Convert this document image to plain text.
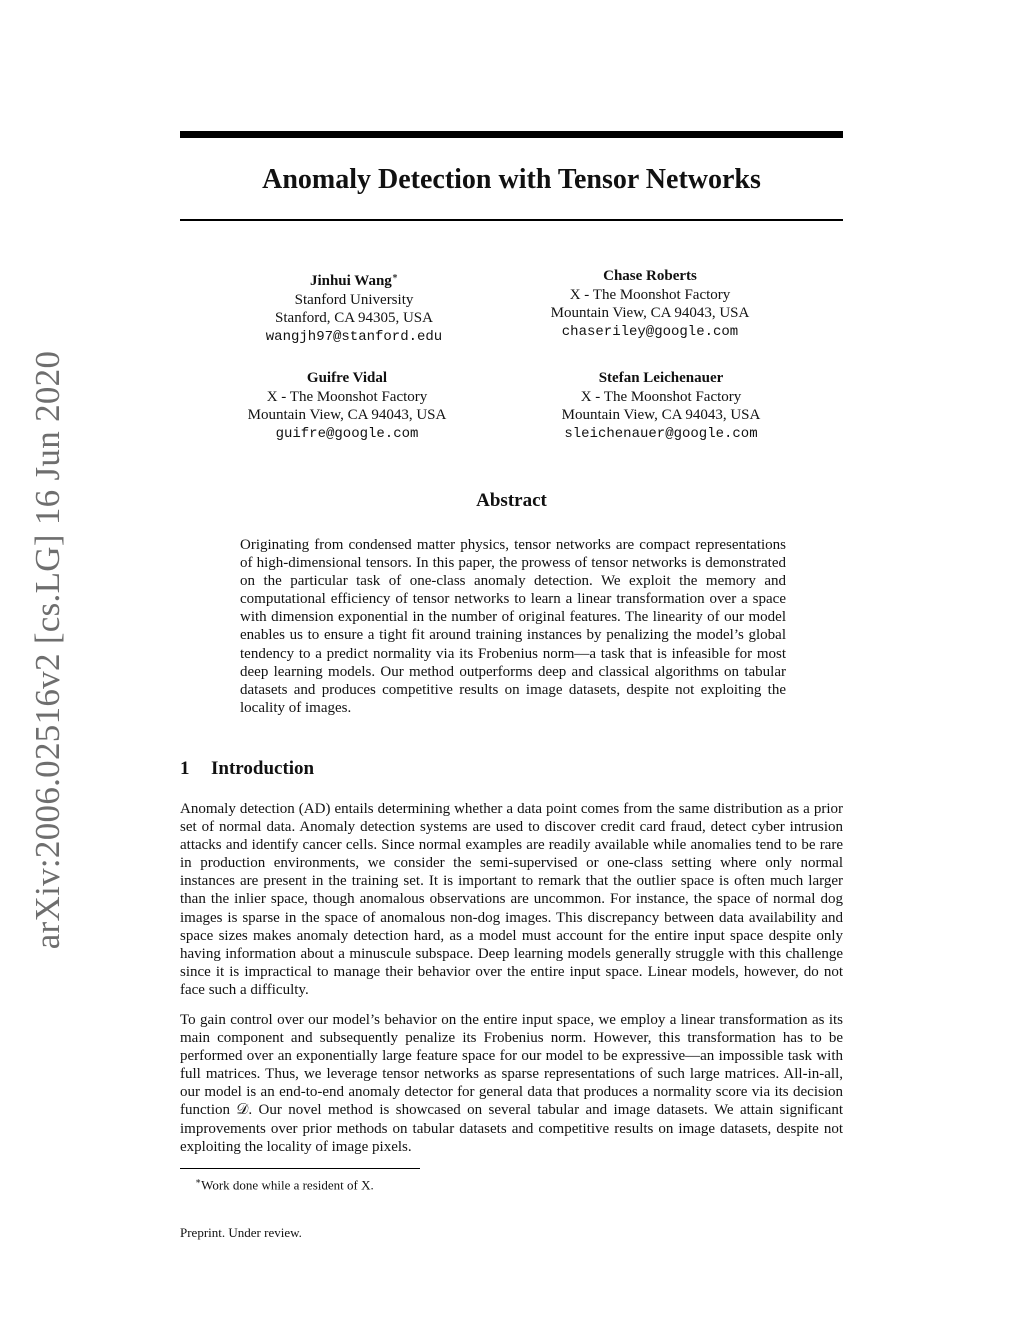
arXiv:2006.02516v2 [cs.LG] 16 Jun 2020
Anomaly Detection with Tensor Networks
Jinhui Wang∗
Stanford University
Stanford, CA 94305, USA
wangjh97@stanford.edu
Chase Roberts
X - The Moonshot Factory
Mountain View, CA 94043, USA
chaseriley@google.com
Guifre Vidal
X - The Moonshot Factory
Mountain View, CA 94043, USA
guifre@google.com
Stefan Leichenauer
X - The Moonshot Factory
Mountain View, CA 94043, USA
sleichenauer@google.com
Abstract

Originating from condensed matter physics, tensor networks are compact representations of high-dimensional tensors. In this paper, the prowess of tensor networks is demonstrated on the particular task of one-class anomaly detection. We exploit the memory and computational efficiency of tensor networks to learn a linear transformation over a space with dimension exponential in the number of original features. The linearity of our model enables us to ensure a tight fit around training instances by penalizing the model’s global tendency to a predict normality via its Frobenius norm—a task that is infeasible for most deep learning models. Our method outperforms deep and classical algorithms on tabular datasets and produces competitive results on image datasets, despite not exploiting the locality of images.

1 Introduction

Anomaly detection (AD) entails determining whether a data point comes from the same distribution as a prior set of normal data. Anomaly detection systems are used to discover credit card fraud, detect cyber intrusion attacks and identify cancer cells. Since normal examples are readily available while anomalies tend to be rare in production environments, we consider the semi-supervised or one-class setting where only normal instances are present in the training set. It is important to remark that the outlier space is often much larger than the inlier space, though anomalous observations are uncommon. For instance, the space of normal dog images is sparse in the space of anomalous non-dog images. This discrepancy between data availability and space sizes makes anomaly detection hard, as a model must account for the entire input space despite only having information about a minuscule subspace. Deep learning models generally struggle with this challenge since it is impractical to manage their behavior over the entire input space. Linear models, however, do not face such a difficulty.

To gain control over our model’s behavior on the entire input space, we employ a linear transformation as its main component and subsequently penalize its Frobenius norm. However, this transformation has to be performed over an exponentially large feature space for our model to be expressive—an impossible task with full matrices. Thus, we leverage tensor networks as sparse representations of such large matrices. All-in-all, our model is an end-to-end anomaly detector for general data that produces a normality score via its decision function 𝒟. Our novel method is showcased on several tabular and image datasets. We attain significant improvements over prior methods on tabular datasets and competitive results on image datasets, despite not exploiting the locality of image pixels.

∗Work done while a resident of X.
Preprint. Under review.
